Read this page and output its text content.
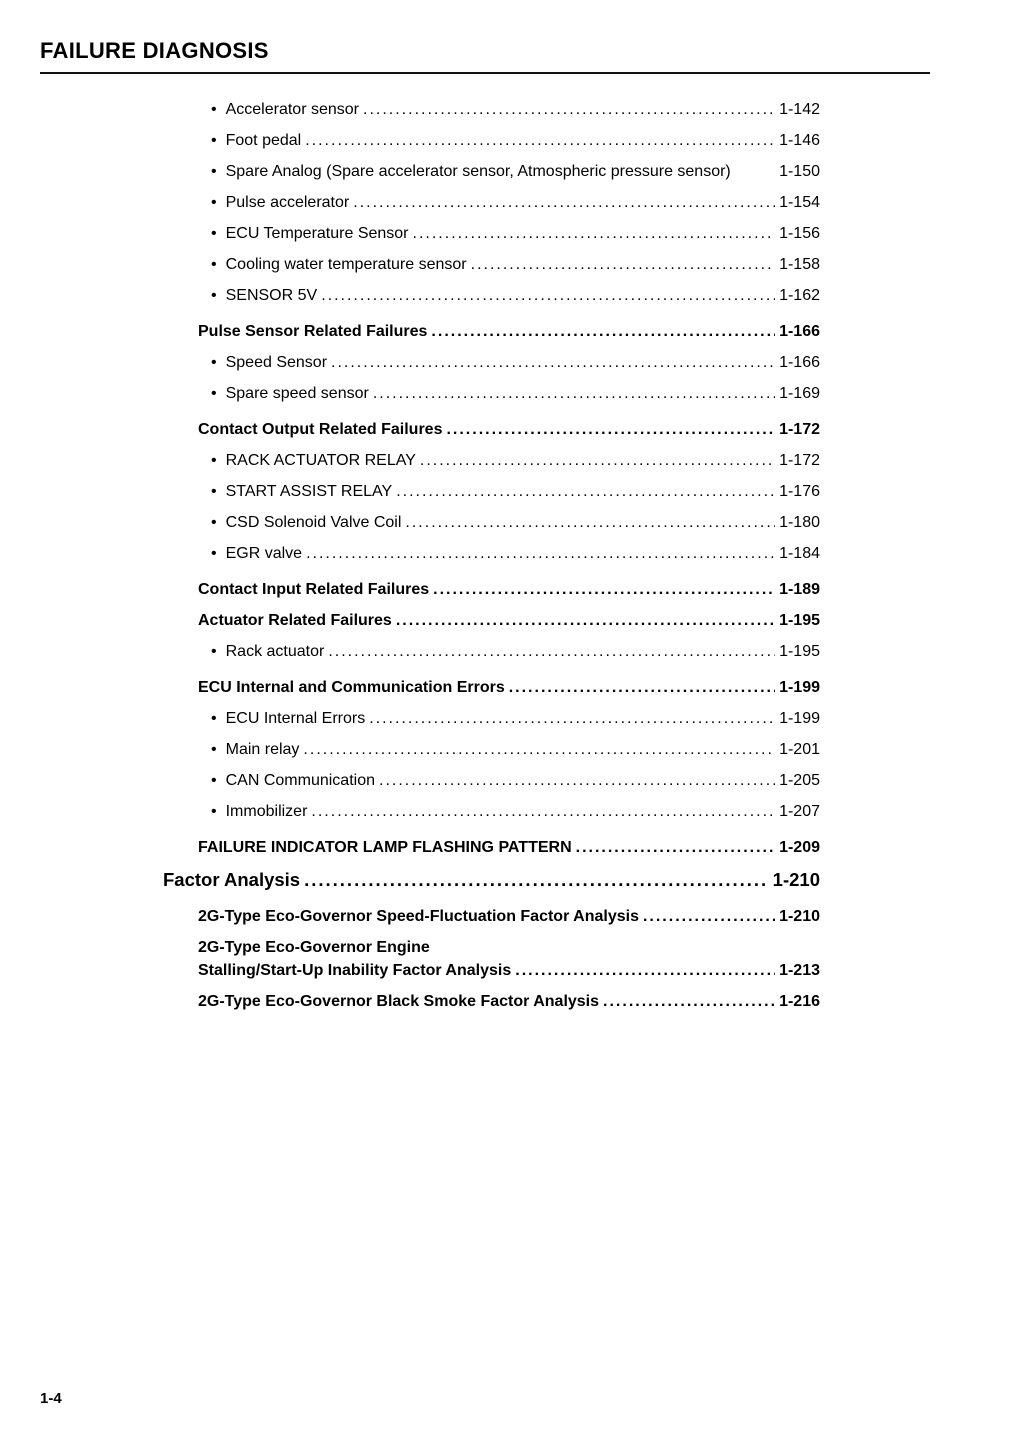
FAILURE DIAGNOSIS
• Accelerator sensor .....	1-142
• Foot pedal .....	1-146
• Spare Analog (Spare accelerator sensor, Atmospheric pressure sensor)	1-150
• Pulse accelerator .....	1-154
• ECU Temperature Sensor .....	1-156
• Cooling water temperature sensor .....	1-158
• SENSOR 5V .....	1-162
Pulse Sensor Related Failures .....	1-166
• Speed Sensor .....	1-166
• Spare speed sensor .....	1-169
Contact Output Related Failures .....	1-172
• RACK ACTUATOR RELAY .....	1-172
• START ASSIST RELAY .....	1-176
• CSD Solenoid Valve Coil .....	1-180
• EGR valve .....	1-184
Contact Input Related Failures .....	1-189
Actuator Related Failures .....	1-195
• Rack actuator .....	1-195
ECU Internal and Communication Errors .....	1-199
• ECU Internal Errors .....	1-199
• Main relay .....	1-201
• CAN Communication .....	1-205
• Immobilizer .....	1-207
FAILURE INDICATOR LAMP FLASHING PATTERN .....	1-209
Factor Analysis .....	1-210
2G-Type Eco-Governor Speed-Fluctuation Factor Analysis .....	1-210
2G-Type Eco-Governor Engine
Stalling/Start-Up Inability Factor Analysis .....	1-213
2G-Type Eco-Governor Black Smoke Factor Analysis .....	1-216
1-4
